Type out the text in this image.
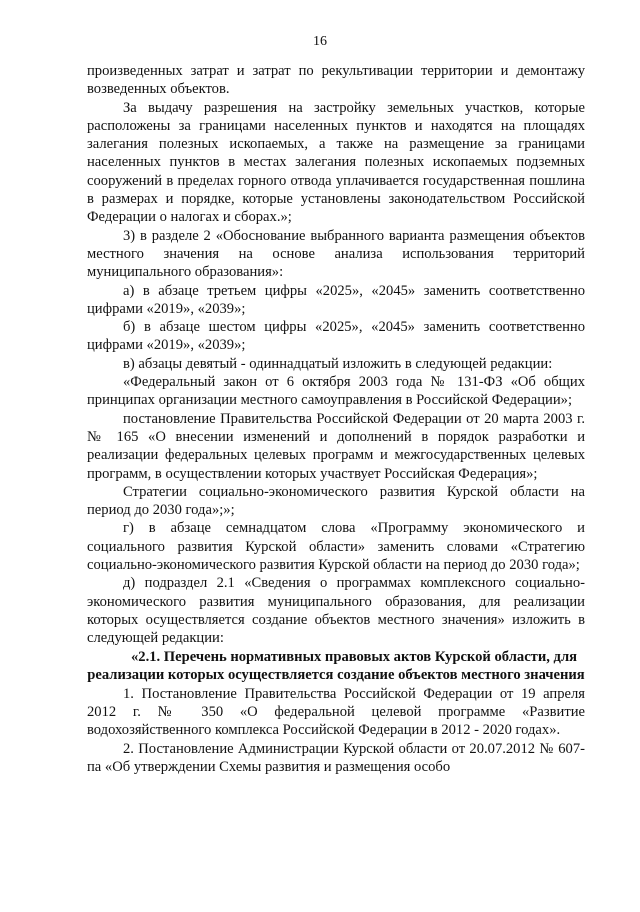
16

произведенных затрат и затрат по рекультивации территории и демонтажу возведенных объектов.

За выдачу разрешения на застройку земельных участков, которые расположены за границами населенных пунктов и находятся на площадях залегания полезных ископаемых, а также на размещение за границами населенных пунктов в местах залегания полезных ископаемых подземных сооружений в пределах горного отвода уплачивается государственная пошлина в размерах и порядке, которые установлены законодательством Российской Федерации о налогах и сборах.»;

3) в разделе 2 «Обоснование выбранного варианта размещения объектов местного значения на основе анализа использования территорий муниципального образования»:

а) в абзаце третьем цифры «2025», «2045» заменить соответственно цифрами «2019», «2039»;

б) в абзаце шестом цифры «2025», «2045» заменить соответственно цифрами «2019», «2039»;

в) абзацы девятый - одиннадцатый изложить в следующей редакции:

«Федеральный закон от 6 октября 2003 года № 131-ФЗ «Об общих принципах организации местного самоуправления в Российской Федерации»;

постановление Правительства Российской Федерации от 20 марта 2003 г. № 165 «О внесении изменений и дополнений в порядок разработки и реализации федеральных целевых программ и межгосударственных целевых программ, в осуществлении которых участвует Российская Федерация»;

Стратегии социально-экономического развития Курской области на период до 2030 года»;»;

г) в абзаце семнадцатом слова «Программу экономического и социального развития Курской области» заменить словами «Стратегию социально-экономического развития Курской области на период до 2030 года»;

д) подраздел 2.1 «Сведения о программах комплексного социально-экономического развития муниципального образования, для реализации которых осуществляется создание объектов местного значения» изложить в следующей редакции:

«2.1. Перечень нормативных правовых актов Курской области, для реализации которых осуществляется создание объектов местного значения

1. Постановление Правительства Российской Федерации от 19 апреля 2012 г. № 350 «О федеральной целевой программе «Развитие водохозяйственного комплекса Российской Федерации в 2012 - 2020 годах».

2. Постановление Администрации Курской области от 20.07.2012 № 607-па «Об утверждении Схемы развития и размещения особо
